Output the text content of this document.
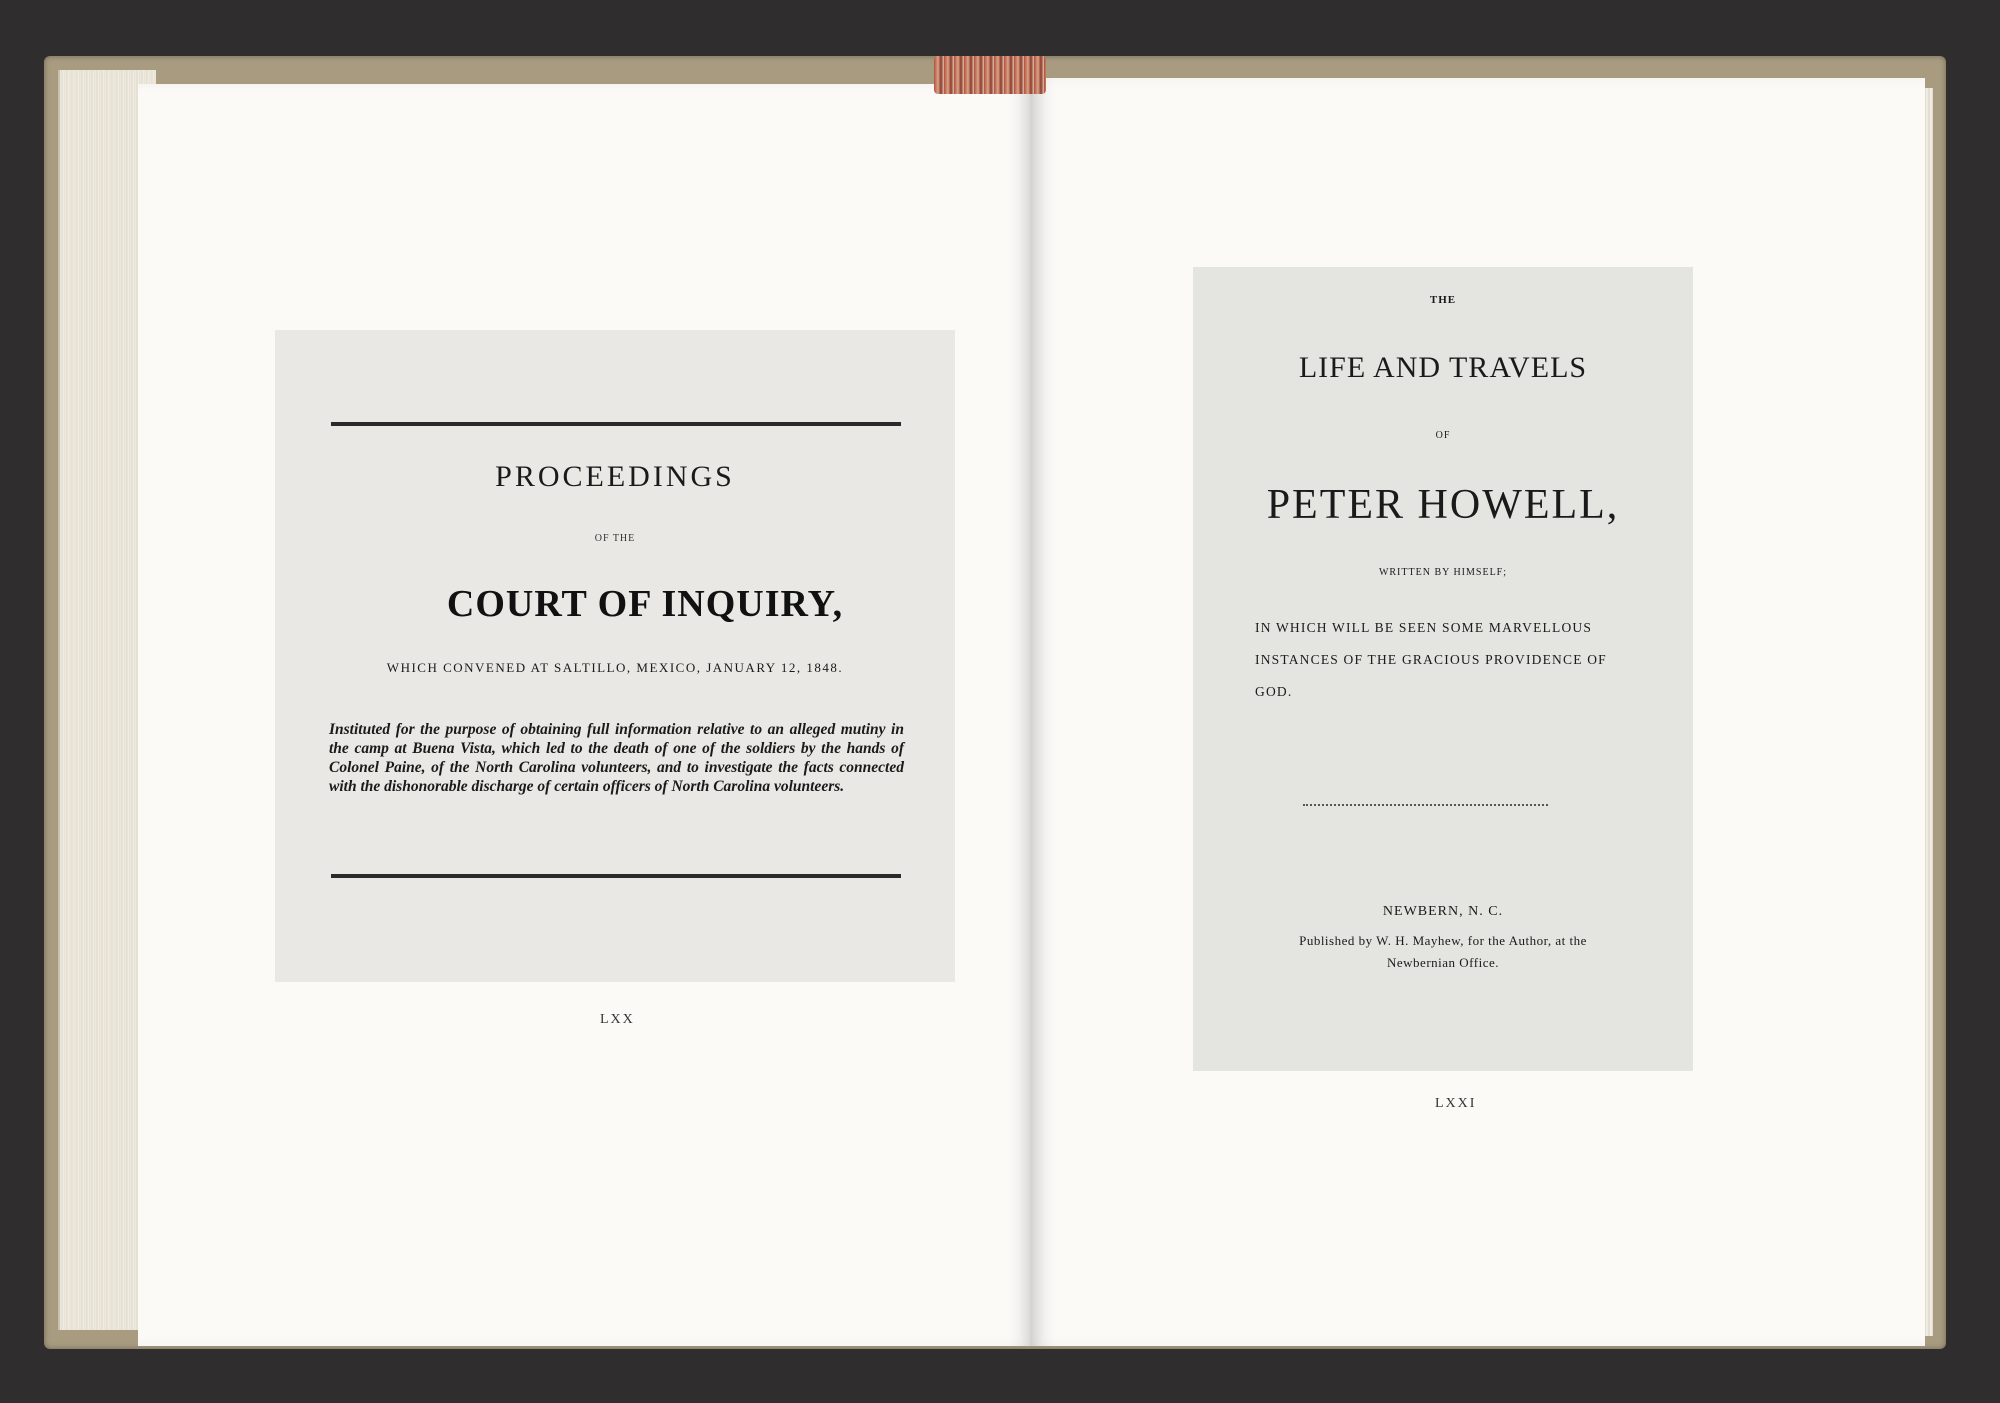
PROCEEDINGS
OF THE
COURT OF INQUIRY,
WHICH CONVENED AT SALTILLO, MEXICO, JANUARY 12, 1848.
Instituted for the purpose of obtaining full information relative to an alleged mutiny in the camp at Buena Vista, which led to the death of one of the soldiers by the hands of Colonel Paine, of the North Carolina volunteers, and to investigate the facts connected with the dishonorable discharge of certain officers of North Carolina volunteers.
LXX
THE
LIFE AND TRAVELS
OF
PETER HOWELL,
WRITTEN BY HIMSELF;
IN WHICH WILL BE SEEN SOME MARVELLOUS
INSTANCES OF THE GRACIOUS PROVIDENCE OF
GOD.
NEWBERN, N. C.
Published by W. H. Mayhew, for the Author, at the
Newbernian Office.
LXXI
